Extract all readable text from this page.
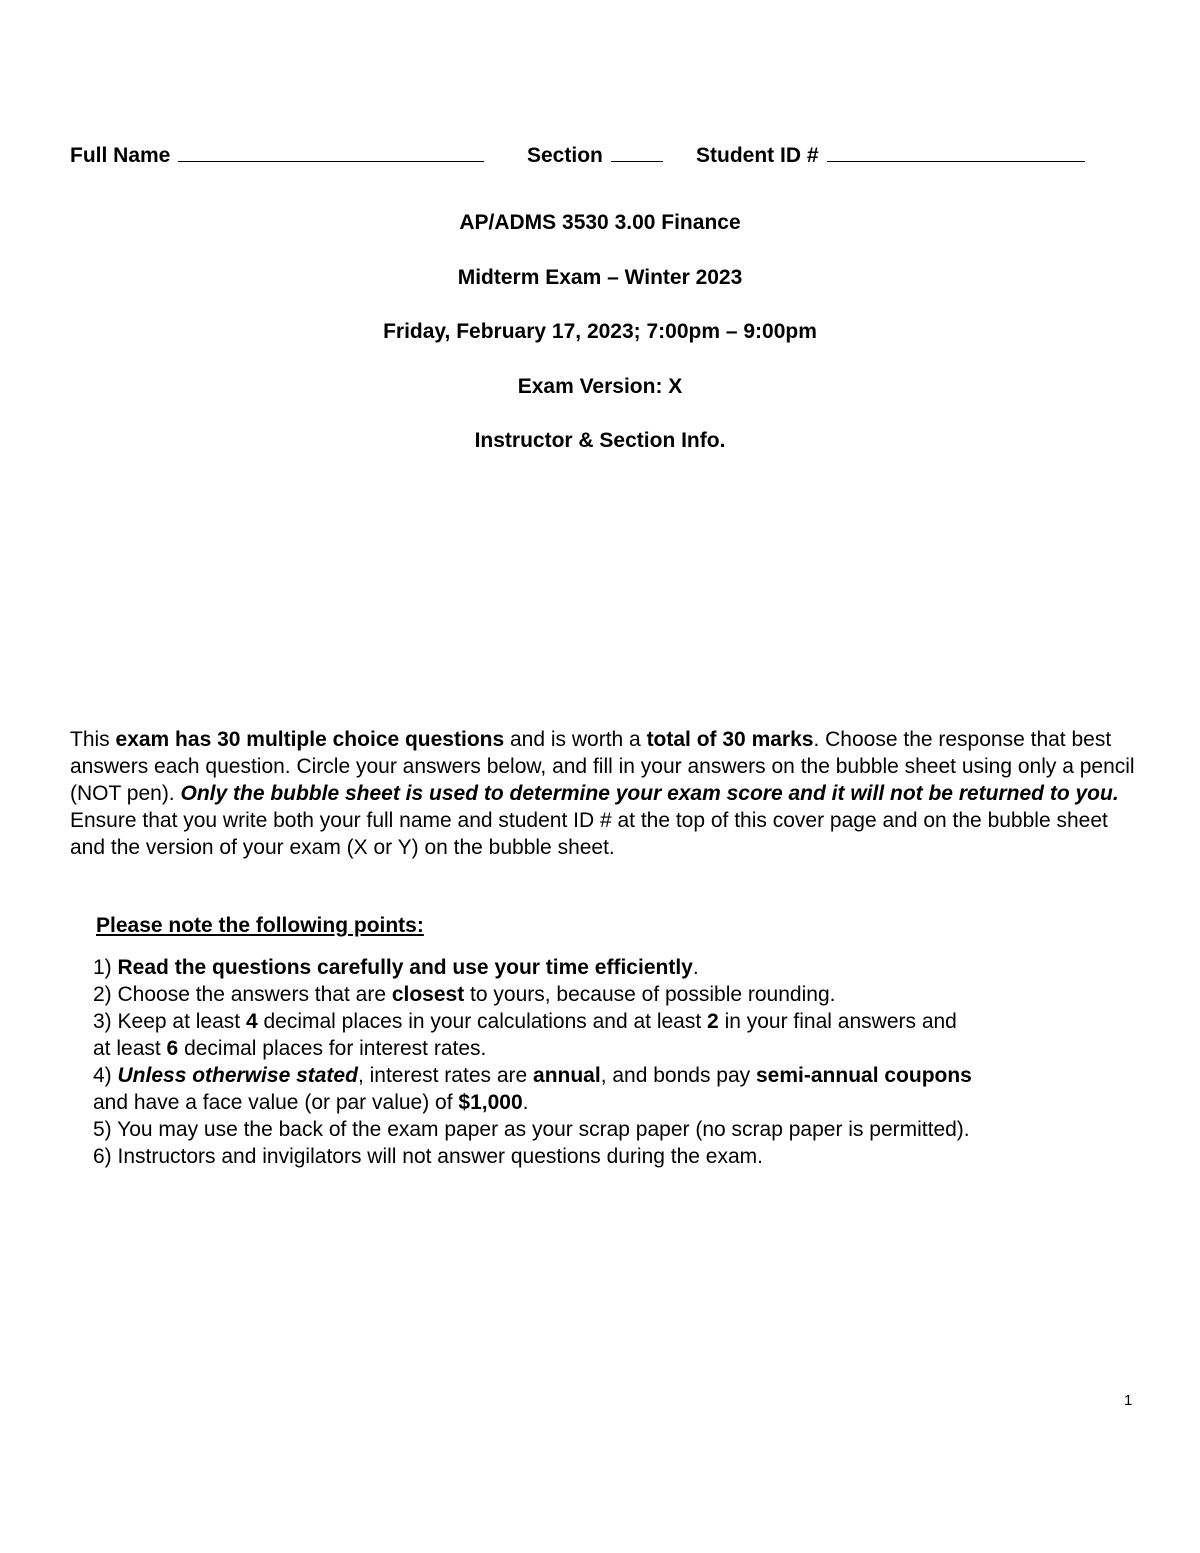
Full Name	Section	Student ID #
AP/ADMS 3530 3.00 Finance
Midterm Exam – Winter 2023
Friday, February 17, 2023; 7:00pm – 9:00pm
Exam Version: X
Instructor & Section Info.
This exam has 30 multiple choice questions and is worth a total of 30 marks. Choose the response that best answers each question. Circle your answers below, and fill in your answers on the bubble sheet using only a pencil (NOT pen). Only the bubble sheet is used to determine your exam score and it will not be returned to you. Ensure that you write both your full name and student ID # at the top of this cover page and on the bubble sheet and the version of your exam (X or Y) on the bubble sheet.
Please note the following points:
1) Read the questions carefully and use your time efficiently.
2) Choose the answers that are closest to yours, because of possible rounding.
3) Keep at least 4 decimal places in your calculations and at least 2 in your final answers and
at least 6 decimal places for interest rates.
4) Unless otherwise stated, interest rates are annual, and bonds pay semi-annual coupons
and have a face value (or par value) of $1,000.
5) You may use the back of the exam paper as your scrap paper (no scrap paper is permitted).
6) Instructors and invigilators will not answer questions during the exam.
1
